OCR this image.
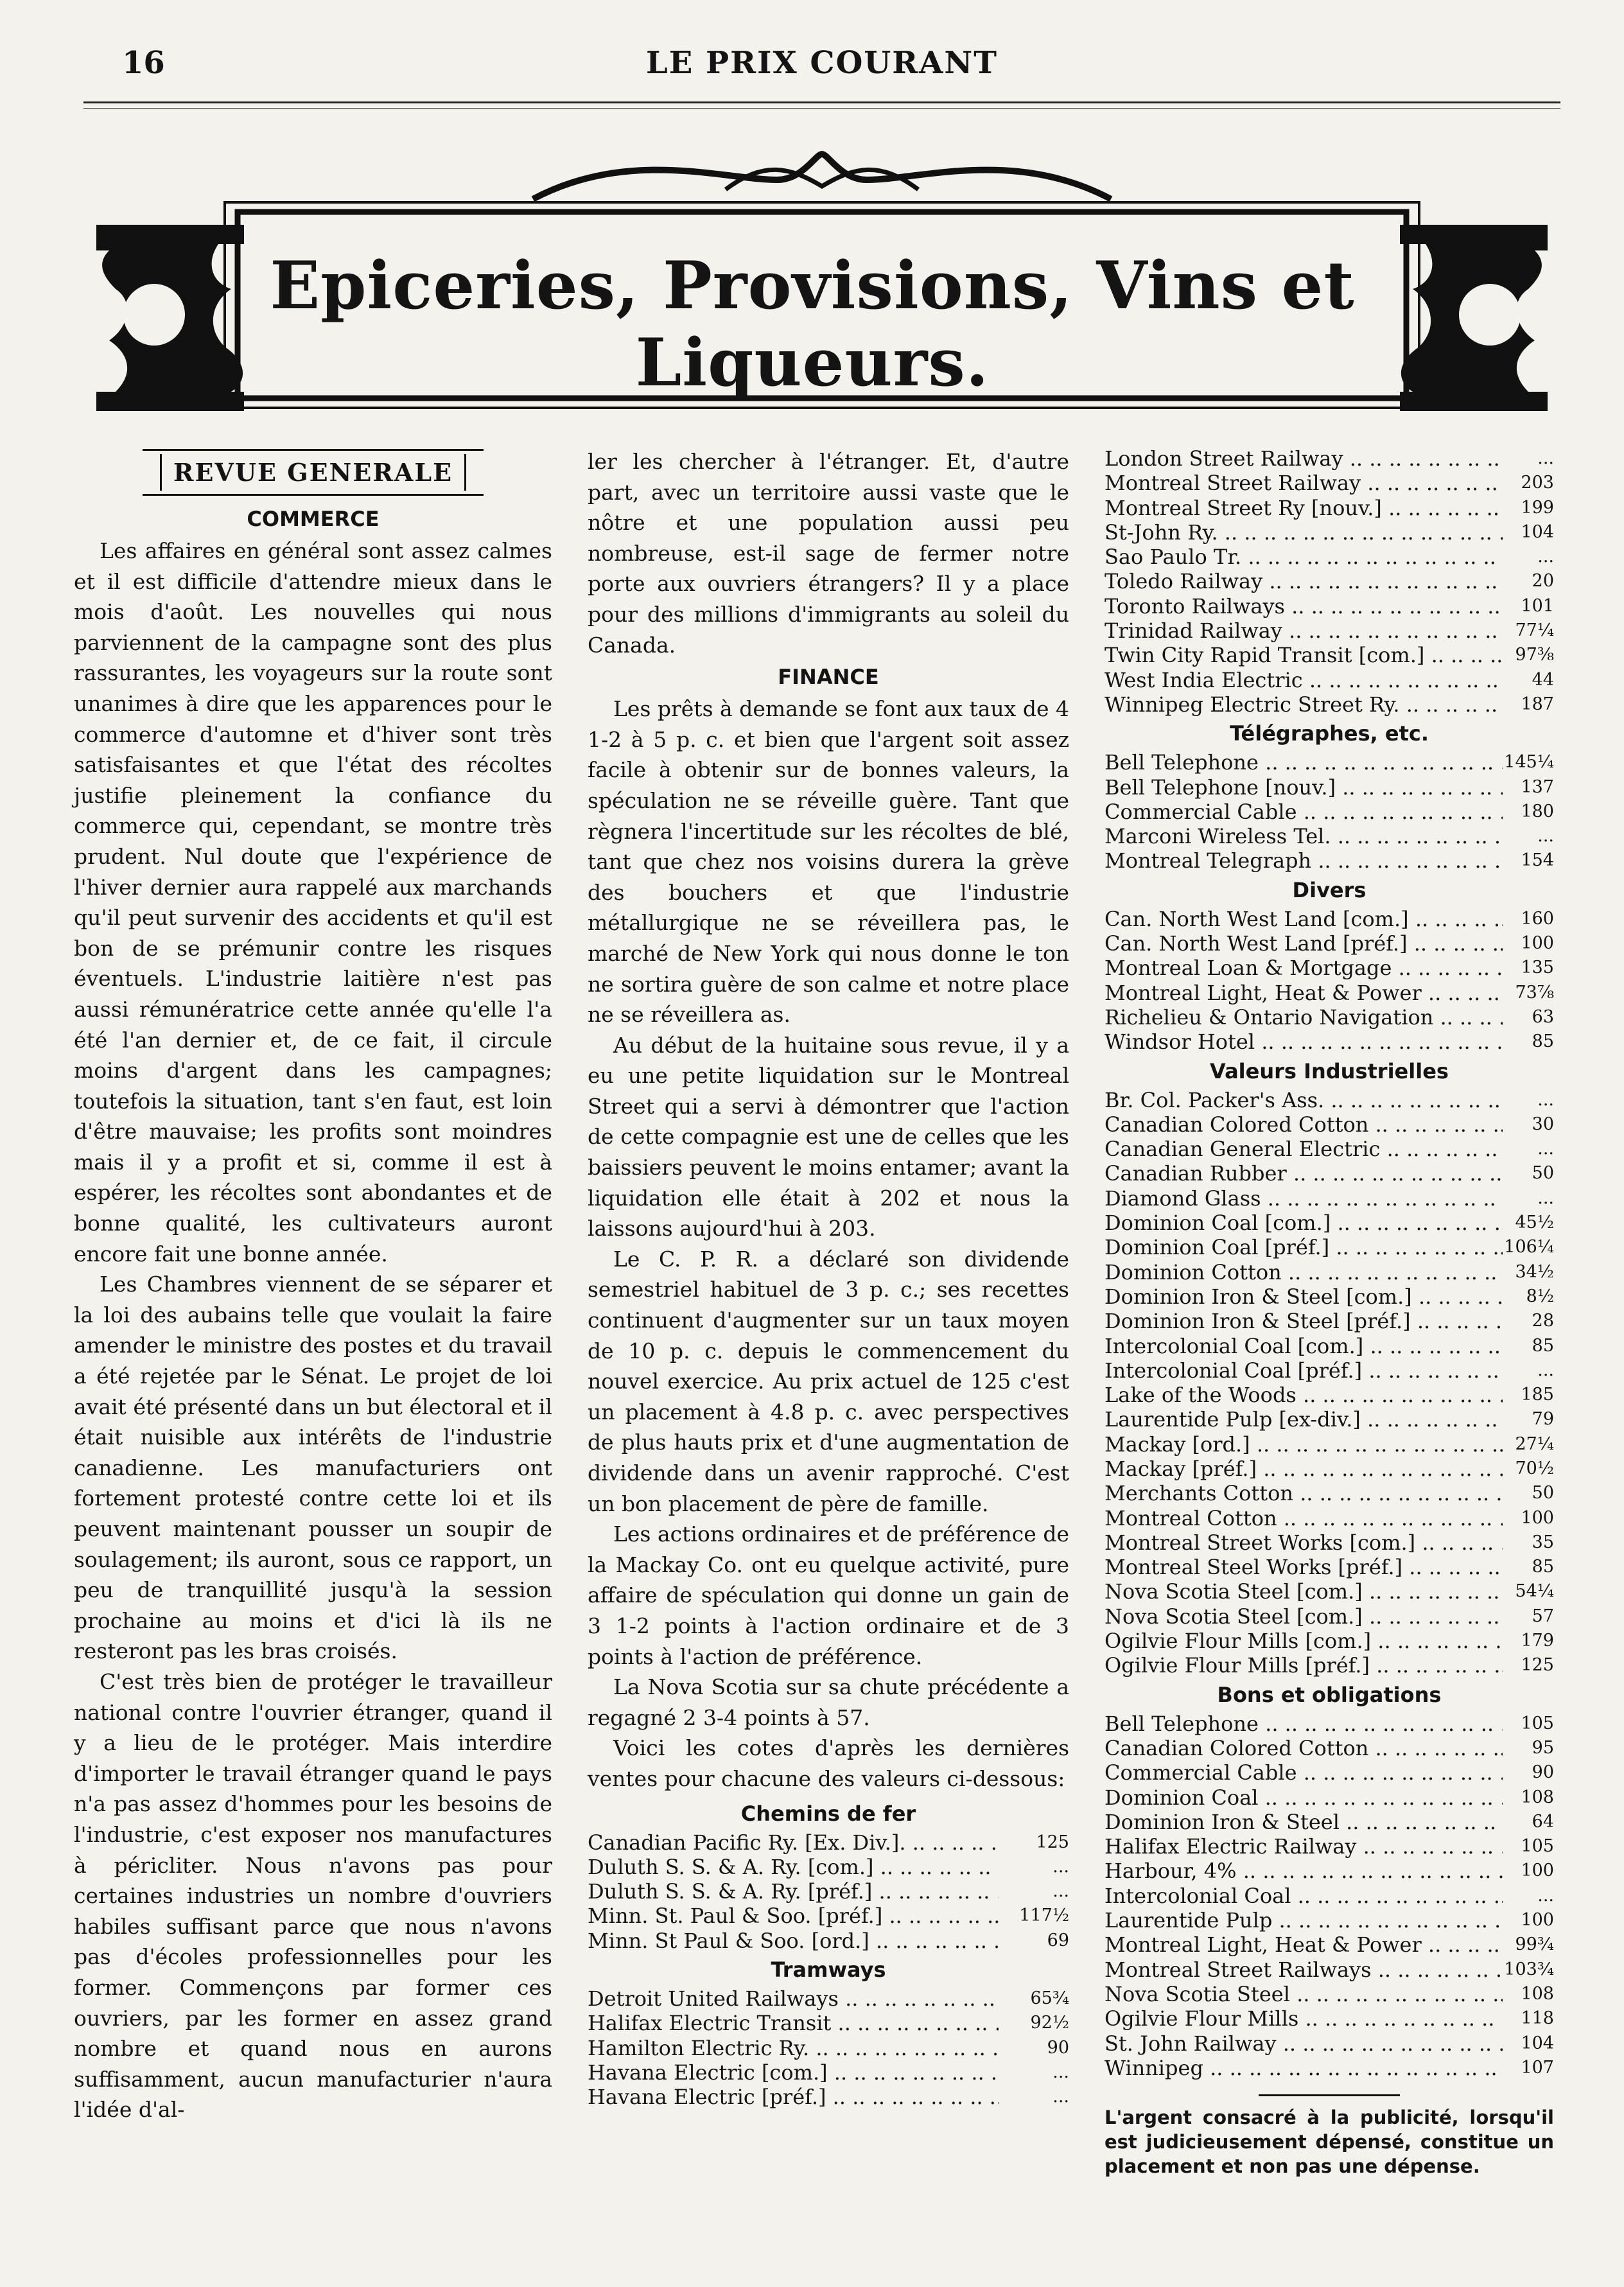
16	LE PRIX COURANT
Epiceries, Provisions, Vins et Liqueurs.
REVUE GENERALE
COMMERCE

Les affaires en général sont assez calmes et il est difficile d'attendre mieux dans le mois d'août. Les nouvelles qui nous parviennent de la campagne sont des plus rassurantes, les voyageurs sur la route sont unanimes à dire que les apparences pour le commerce d'automne et d'hiver sont très satisfaisantes et que l'état des récoltes justifie pleinement la confiance du commerce qui, cependant, se montre très prudent. Nul doute que l'expérience de l'hiver dernier aura rappelé aux marchands qu'il peut survenir des accidents et qu'il est bon de se prémunir contre les risques éventuels. L'industrie laitière n'est pas aussi rémunératrice cette année qu'elle l'a été l'an dernier et, de ce fait, il circule moins d'argent dans les campagnes; toutefois la situation, tant s'en faut, est loin d'être mauvaise; les profits sont moindres mais il y a profit et si, comme il est à espérer, les récoltes sont abondantes et de bonne qualité, les cultivateurs auront encore fait une bonne année.

Les Chambres viennent de se séparer et la loi des aubains telle que voulait la faire amender le ministre des postes et du travail a été rejetée par le Sénat. Le projet de loi avait été présenté dans un but électoral et il était nuisible aux intérêts de l'industrie canadienne. Les manufacturiers ont fortement protesté contre cette loi et ils peuvent maintenant pousser un soupir de soulagement; ils auront, sous ce rapport, un peu de tranquillité jusqu'à la session prochaine au moins et d'ici là ils ne resteront pas les bras croisés.

C'est très bien de protéger le travailleur national contre l'ouvrier étranger, quand il y a lieu de le protéger. Mais interdire d'importer le travail étranger quand le pays n'a pas assez d'hommes pour les besoins de l'industrie, c'est exposer nos manufactures à péricliter. Nous n'avons pas pour certaines industries un nombre d'ouvriers habiles suffisant parce que nous n'avons pas d'écoles professionnelles pour les former. Commençons par former ces ouvriers, par les former en assez grand nombre et quand nous en aurons suffisamment, aucun manufacturier n'aura l'idée d'al-

ler les chercher à l'étranger. Et, d'autre part, avec un territoire aussi vaste que le nôtre et une population aussi peu nombreuse, est-il sage de fermer notre porte aux ouvriers étrangers? Il y a place pour des millions d'immigrants au soleil du Canada.

FINANCE

Les prêts à demande se font aux taux de 4 1-2 à 5 p. c. et bien que l'argent soit assez facile à obtenir sur de bonnes valeurs, la spéculation ne se réveille guère. Tant que règnera l'incertitude sur les récoltes de blé, tant que chez nos voisins durera la grève des bouchers et que l'industrie métallurgique ne se réveillera pas, le marché de New York qui nous donne le ton ne sortira guère de son calme et notre place ne se réveillera as.

Au début de la huitaine sous revue, il y a eu une petite liquidation sur le Montreal Street qui a servi à démontrer que l'action de cette compagnie est une de celles que les baissiers peuvent le moins entamer; avant la liquidation elle était à 202 et nous la laissons aujourd'hui à 203.

Le C. P. R. a déclaré son dividende semestriel habituel de 3 p. c.; ses recettes continuent d'augmenter sur un taux moyen de 10 p. c. depuis le commencement du nouvel exercice. Au prix actuel de 125 c'est un placement à 4.8 p. c. avec perspectives de plus hauts prix et d'une augmentation de dividende dans un avenir rapproché. C'est un bon placement de père de famille.

Les actions ordinaires et de préférence de la Mackay Co. ont eu quelque activité, pure affaire de spéculation qui donne un gain de 3 1-2 points à l'action ordinaire et de 3 points à l'action de préférence.

La Nova Scotia sur sa chute précédente a regagné 2 3-4 points à 57.

Voici les cotes d'après les dernières ventes pour chacune des valeurs ci-dessous:

Chemins de fer
Canadian Pacific Ry. [Ex. Div.]. .. ..	125
Duluth S. S. & A. Ry. [com.] .. ..	...
Duluth S. S. & A. Ry. [préf.] .. ..	...
Minn. St. Paul & Soo. [préf.] .. ..	117½
Minn. St Paul & Soo. [ord.] .. ..	69
Tramways
Detroit United Railways .. ..	65¾
Halifax Electric Transit .. ..	92½
Hamilton Electric Ry. .. ..	90
Havana Electric [com.] .. ..	...
Havana Electric [préf.] .. ..	...
London Street Railway .. ..	...
Montreal Street Railway .. ..	203
Montreal Street Ry [nouv.] .. ..	199
St-John Ry. .. ..	104
Sao Paulo Tr. .. ..	...
Toledo Railway .. ..	20
Toronto Railways .. ..	101
Trinidad Railway .. ..	77¼
Twin City Rapid Transit [com.] .. ..	97⅜
West India Electric .. ..	44
Winnipeg Electric Street Ry. .. ..	187
Télégraphes, etc.
Bell Telephone .. ..	145¼
Bell Telephone [nouv.] .. ..	137
Commercial Cable .. ..	180
Marconi Wireless Tel. .. ..	...
Montreal Telegraph .. ..	154
Divers
Can. North West Land [com.] .. ..	160
Can. North West Land [préf.] .. ..	100
Montreal Loan & Mortgage .. ..	135
Montreal Light, Heat & Power .. ..	73⅞
Richelieu & Ontario Navigation .. ..	63
Windsor Hotel .. ..	85
Valeurs Industrielles
Br. Col. Packer's Ass. .. ..	...
Canadian Colored Cotton .. ..	30
Canadian General Electric .. ..	...
Canadian Rubber .. ..	50
Diamond Glass .. ..	...
Dominion Coal [com.] .. ..	45½
Dominion Coal [préf.] .. ..	106¼
Dominion Cotton .. ..	34½
Dominion Iron & Steel [com.] .. ..	8½
Dominion Iron & Steel [préf.] .. ..	28
Intercolonial Coal [com.] .. ..	85
Intercolonial Coal [préf.] .. ..	...
Lake of the Woods .. ..	185
Laurentide Pulp [ex-div.] .. ..	79
Mackay [ord.] .. ..	27¼
Mackay [préf.] .. ..	70½
Merchants Cotton .. ..	50
Montreal Cotton .. ..	100
Montreal Street Works [com.] .. ..	35
Montreal Steel Works [préf.] .. ..	85
Nova Scotia Steel [com.] .. ..	54¼
Nova Scotia Steel [com.] .. ..	57
Ogilvie Flour Mills [com.] .. ..	179
Ogilvie Flour Mills [préf.] .. ..	125
Bons et obligations
Bell Telephone .. ..	105
Canadian Colored Cotton .. ..	95
Commercial Cable .. ..	90
Dominion Coal .. ..	108
Dominion Iron & Steel .. ..	64
Halifax Electric Railway .. ..	105
Harbour, 4% .. ..	100
Intercolonial Coal .. ..	...
Laurentide Pulp .. ..	100
Montreal Light, Heat & Power .. ..	99¾
Montreal Street Railways .. ..	103¾
Nova Scotia Steel .. ..	108
Ogilvie Flour Mills .. ..	118
St. John Railway .. ..	104
Winnipeg .. ..	107

L'argent consacré à la publicité, lorsqu'il est judicieusement dépensé, constitue un placement et non pas une dépense.
